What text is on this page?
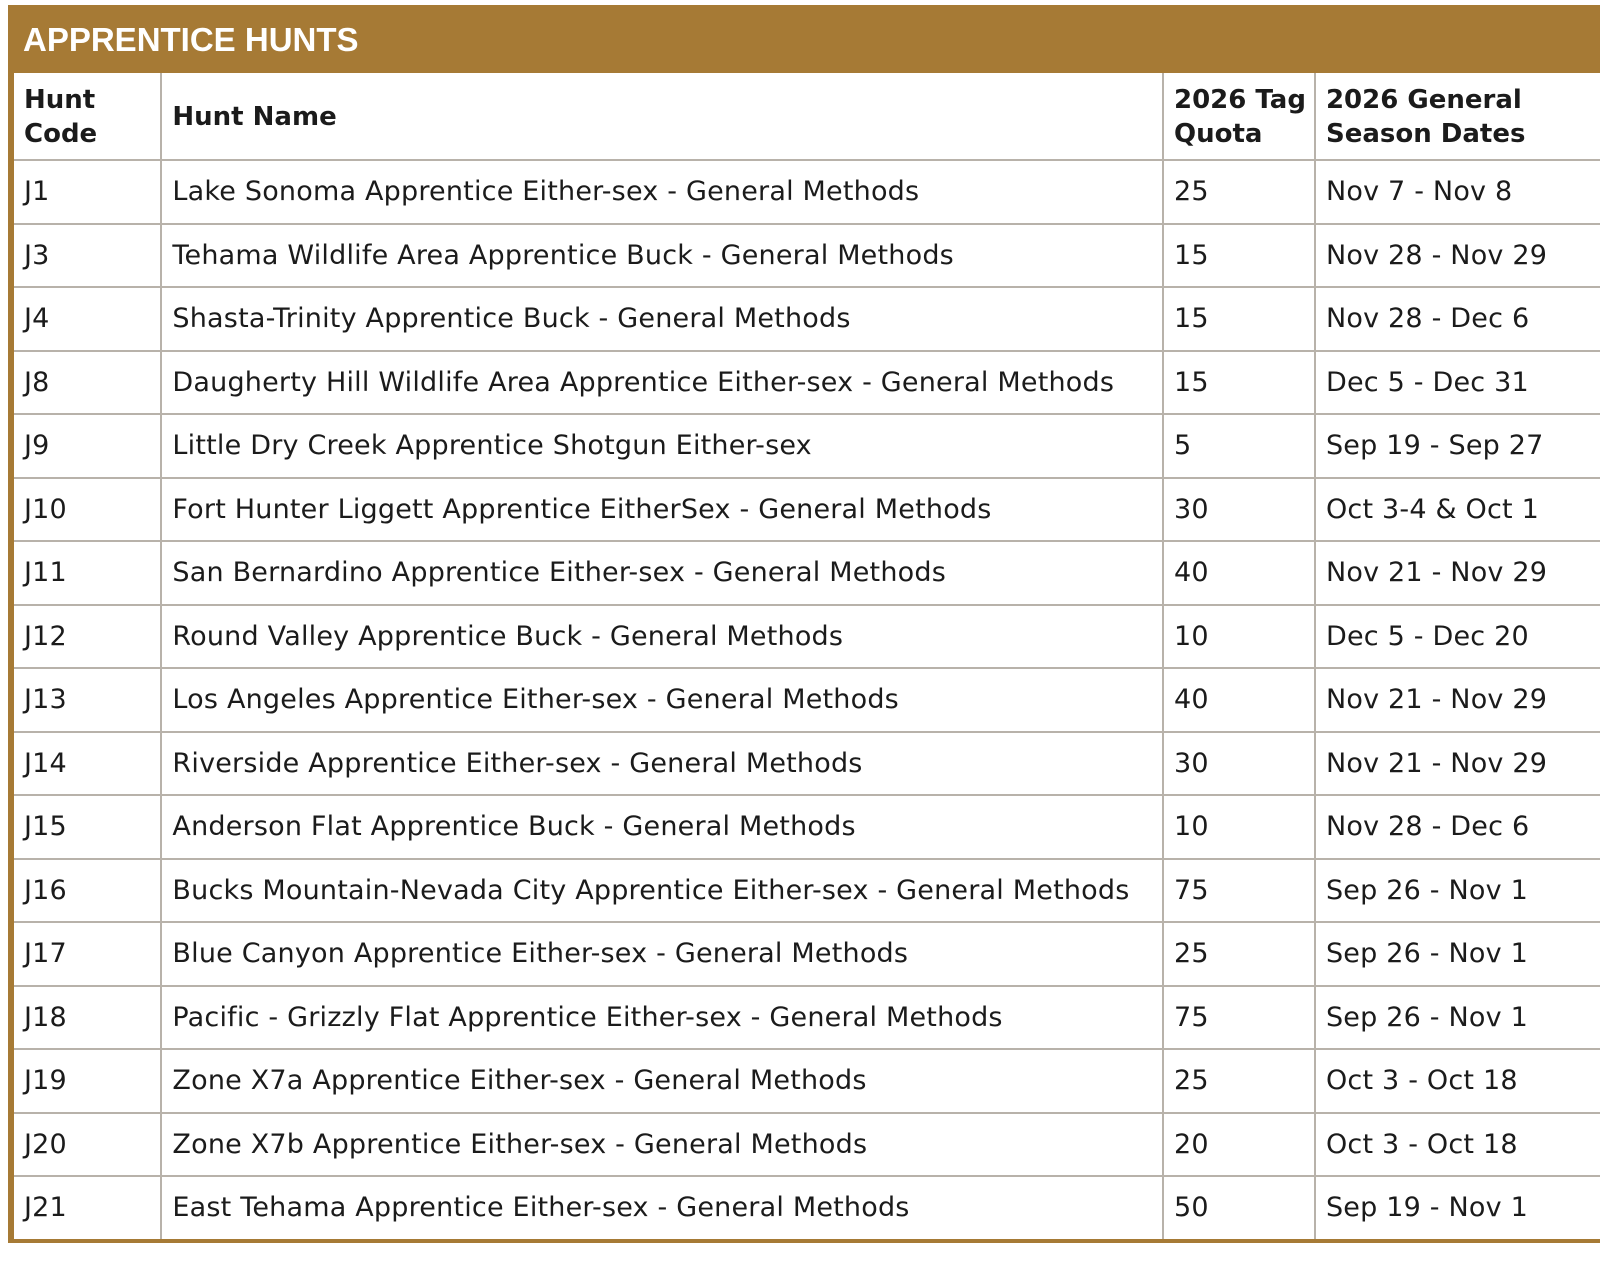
APPRENTICE HUNTS
Hunt Code	Hunt Name	2026 Tag Quota	2026 General Season Dates
J1	Lake Sonoma Apprentice Either-sex - General Methods	25	Nov 7 - Nov 8
J3	Tehama Wildlife Area Apprentice Buck - General Methods	15	Nov 28 - Nov 29
J4	Shasta-Trinity Apprentice Buck - General Methods	15	Nov 28 - Dec 6
J8	Daugherty Hill Wildlife Area Apprentice Either-sex - General Methods	15	Dec 5 - Dec 31
J9	Little Dry Creek Apprentice Shotgun Either-sex	5	Sep 19 - Sep 27
J10	Fort Hunter Liggett Apprentice EitherSex - General Methods	30	Oct 3-4 & Oct 1
J11	San Bernardino Apprentice Either-sex - General Methods	40	Nov 21 - Nov 29
J12	Round Valley Apprentice Buck - General Methods	10	Dec 5 - Dec 20
J13	Los Angeles Apprentice Either-sex - General Methods	40	Nov 21 - Nov 29
J14	Riverside Apprentice Either-sex - General Methods	30	Nov 21 - Nov 29
J15	Anderson Flat Apprentice Buck - General Methods	10	Nov 28 - Dec 6
J16	Bucks Mountain-Nevada City Apprentice Either-sex - General Methods	75	Sep 26 - Nov 1
J17	Blue Canyon Apprentice Either-sex - General Methods	25	Sep 26 - Nov 1
J18	Pacific - Grizzly Flat Apprentice Either-sex - General Methods	75	Sep 26 - Nov 1
J19	Zone X7a Apprentice Either-sex - General Methods	25	Oct 3 - Oct 18
J20	Zone X7b Apprentice Either-sex - General Methods	20	Oct 3 - Oct 18
J21	East Tehama Apprentice Either-sex - General Methods	50	Sep 19 - Nov 1
